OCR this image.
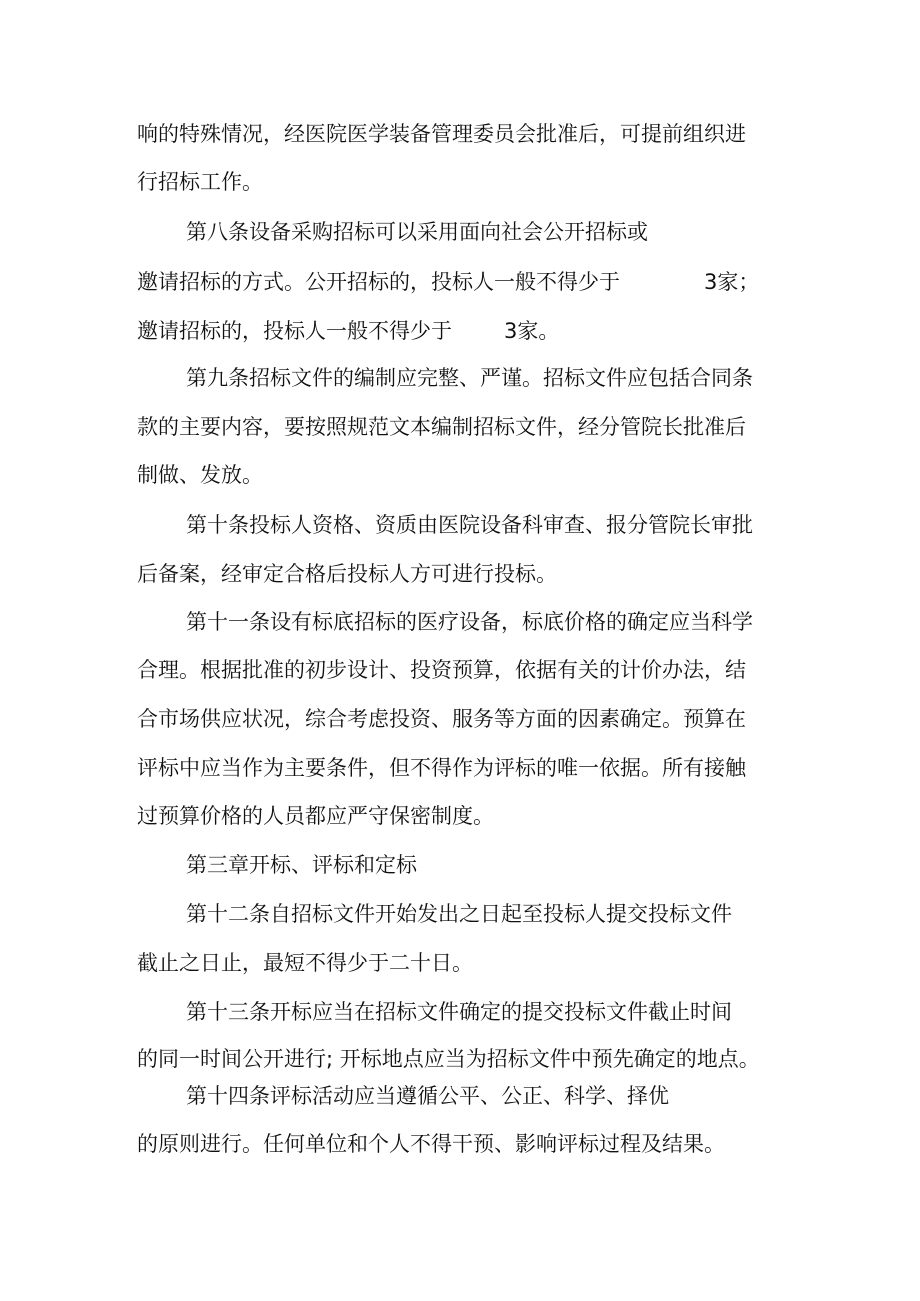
响的特殊情况，经医院医学装备管理委员会批准后，可提前组织进
行招标工作。
第八条设备采购招标可以采用面向社会公开招标或
邀请招标的方式。公开招标的，投标人一般不得少于	3家；
邀请招标的，投标人一般不得少于 3家。
第九条招标文件的编制应完整、严谨。招标文件应包括合同条
款的主要内容，要按照规范文本编制招标文件，经分管院长批准后
制做、发放。
第十条投标人资格、资质由医院设备科审查、报分管院长审批
后备案，经审定合格后投标人方可进行投标。
第十一条设有标底招标的医疗设备，标底价格的确定应当科学
合理。根据批准的初步设计、投资预算，依据有关的计价办法，结
合市场供应状况，综合考虑投资、服务等方面的因素确定。预算在
评标中应当作为主要条件，但不得作为评标的唯一依据。所有接触
过预算价格的人员都应严守保密制度。
第三章开标、评标和定标
第十二条自招标文件开始发出之日起至投标人提交投标文件
截止之日止，最短不得少于二十日。
第十三条开标应当在招标文件确定的提交投标文件截止时间
的同一时间公开进行; 开标地点应当为招标文件中预先确定的地点。
第十四条评标活动应当遵循公平、公正、科学、择优
的原则进行。任何单位和个人不得干预、影响评标过程及结果。
